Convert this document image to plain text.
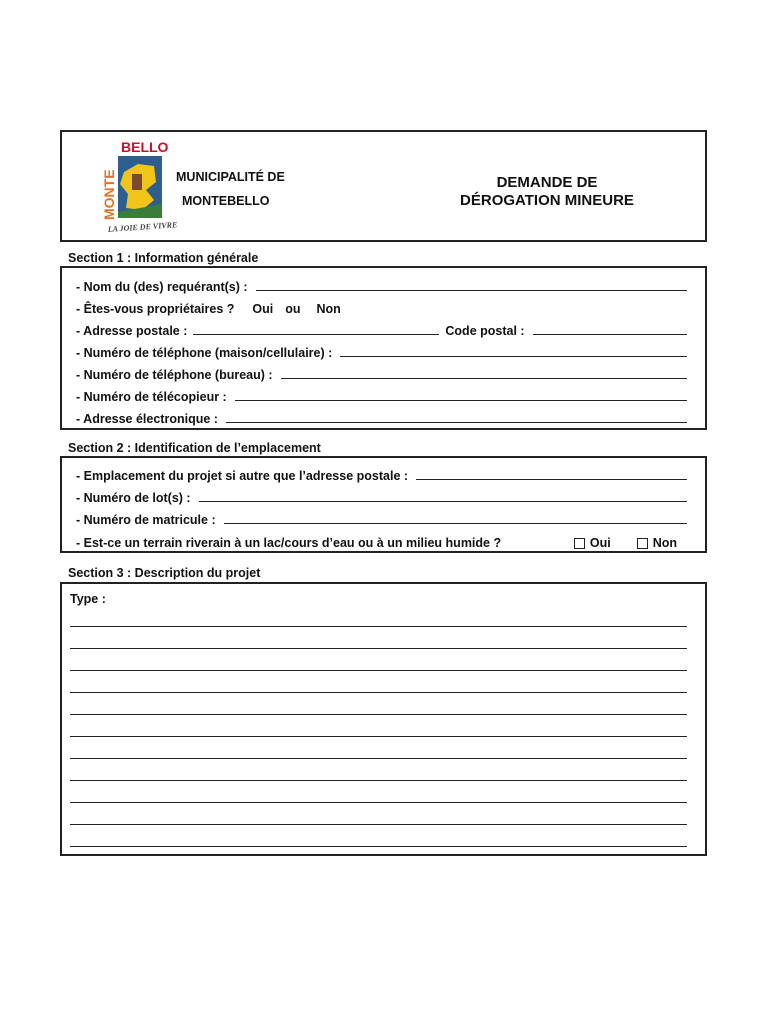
BELLO
MONTE
LA JOIE DE VIVRE
MUNICIPALITÉ DE
MONTEBELLO
DEMANDE DE
DÉROGATION MINEURE
Section 1 : Information générale
- Nom du (des) requérant(s) :
- Êtes-vous propriétaires ? Oui ou Non
- Adresse postale :	Code postal :
- Numéro de téléphone (maison/cellulaire) :
- Numéro de téléphone (bureau) :
- Numéro de télécopieur :
- Adresse électronique :
Section 2 : Identification de l’emplacement
- Emplacement du projet si autre que l’adresse postale :
- Numéro de lot(s) :
- Numéro de matricule :
- Est-ce un terrain riverain à un lac/cours d’eau ou à un milieu humide ?	Oui	Non
Section 3 : Description du projet
Type :
